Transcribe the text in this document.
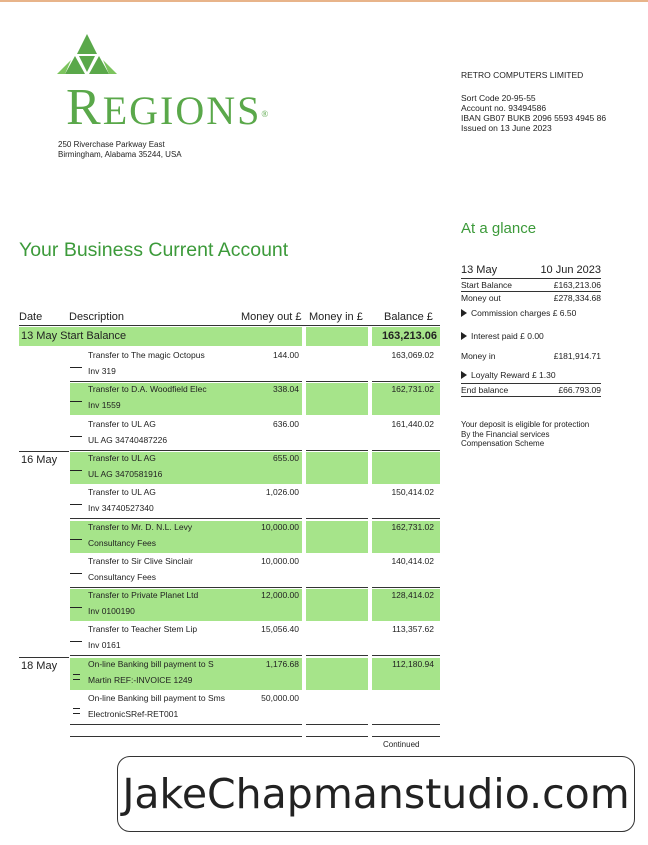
REGIONS®
250 Riverchase Parkway East
Birmingham, Alabama 35244, USA
RETRO COMPUTERS LIMITED
Sort Code 20-95-55
Account no. 93494586
IBAN GB07 BUKB 2096 5593 4945 86
Issued on 13 June 2023
At a glance
Your Business Current Account
13 May	10 Jun 2023
Start Balance	£163,213.06
Money out	£278,334.68
Commission charges £ 6.50
Interest paid £ 0.00
Money in	£181,914.71
Loyalty Reward £ 1.30
End balance	£66.793.09
Your deposit is eligible for protection
By the Financial services
Compensation Scheme
Date Description	Money out £ Money in £ Balance £
13 May Start Balance	163,213.06
Transfer to The magic Octopus
Inv 319
144.00	163,069.02
Transfer to D.A. Woodfield Elec
Inv 1559
338.04	162,731.02
Transfer to UL AG
UL AG 34740487226
636.00	161,440.02
16 May	Transfer to UL AG
UL AG 3470581916
655.00
Transfer to UL AG
Inv 34740527340
1,026.00	150,414.02
Transfer to Mr. D. N.L. Levy
Consultancy Fees
10,000.00	162,731.02
Transfer to Sir Clive Sinclair
Consultancy Fees
10,000.00	140,414.02
Transfer to Private Planet Ltd
Inv 0100190
12,000.00	128,414.02
Transfer to Teacher Stem Lip
Inv 0161
15,056.40	113,357.62
18 May	On-line Banking bill payment to S
Martin REF:-INVOICE 1249
1,176.68	112,180.94
On-line Banking bill payment to Sms
ElectronicSRef-RET001
50,000.00
Continued
JakeChapmanstudio.com
